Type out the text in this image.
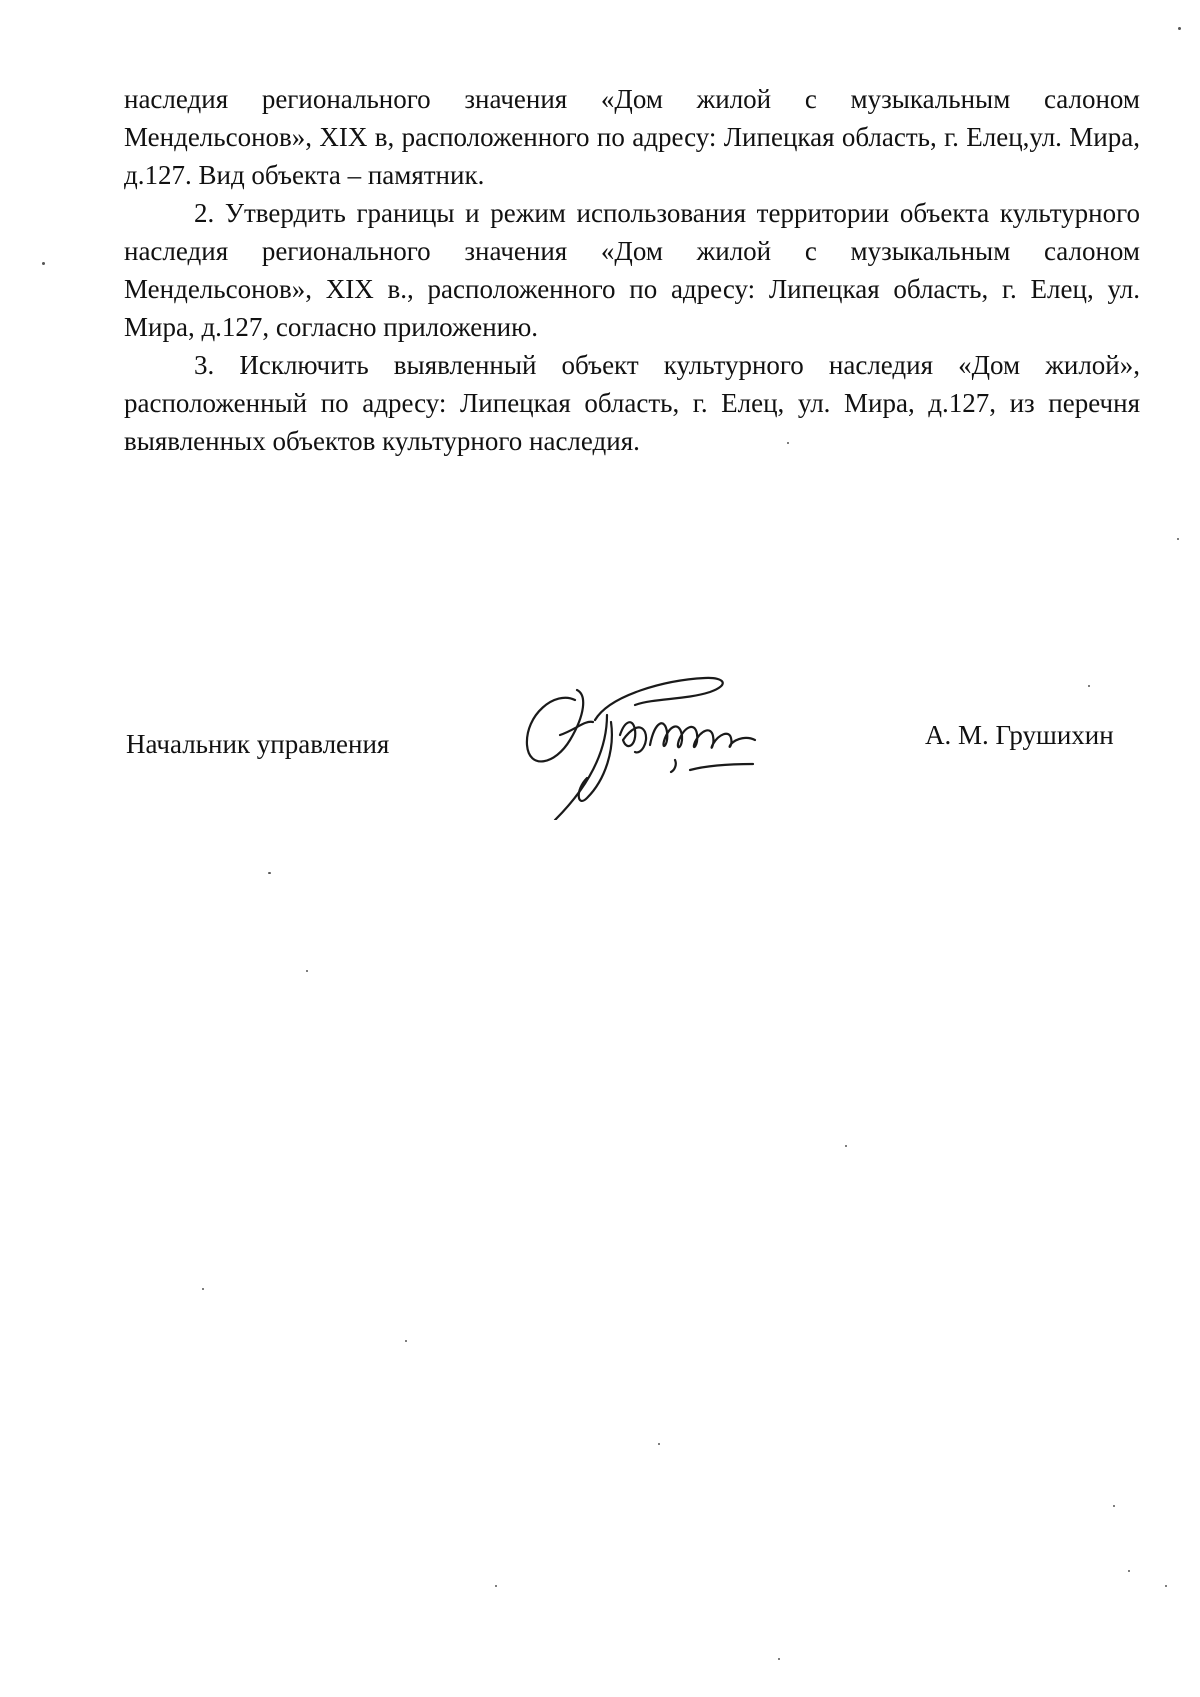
наследия регионального значения «Дом жилой с музыкальным салоном Мендельсонов», XIX в, расположенного по адресу: Липецкая область, г. Елец,ул. Мира, д.127. Вид объекта – памятник.

2. Утвердить границы и режим использования территории объекта культурного наследия регионального значения «Дом жилой с музыкальным салоном Мендельсонов», XIX в., расположенного по адресу: Липецкая область, г. Елец, ул. Мира, д.127, согласно приложению.

3. Исключить выявленный объект культурного наследия «Дом жилой», расположенный по адресу: Липецкая область, г. Елец, ул. Мира, д.127, из перечня выявленных объектов культурного наследия.

Начальник управления	А. М. Грушихин
